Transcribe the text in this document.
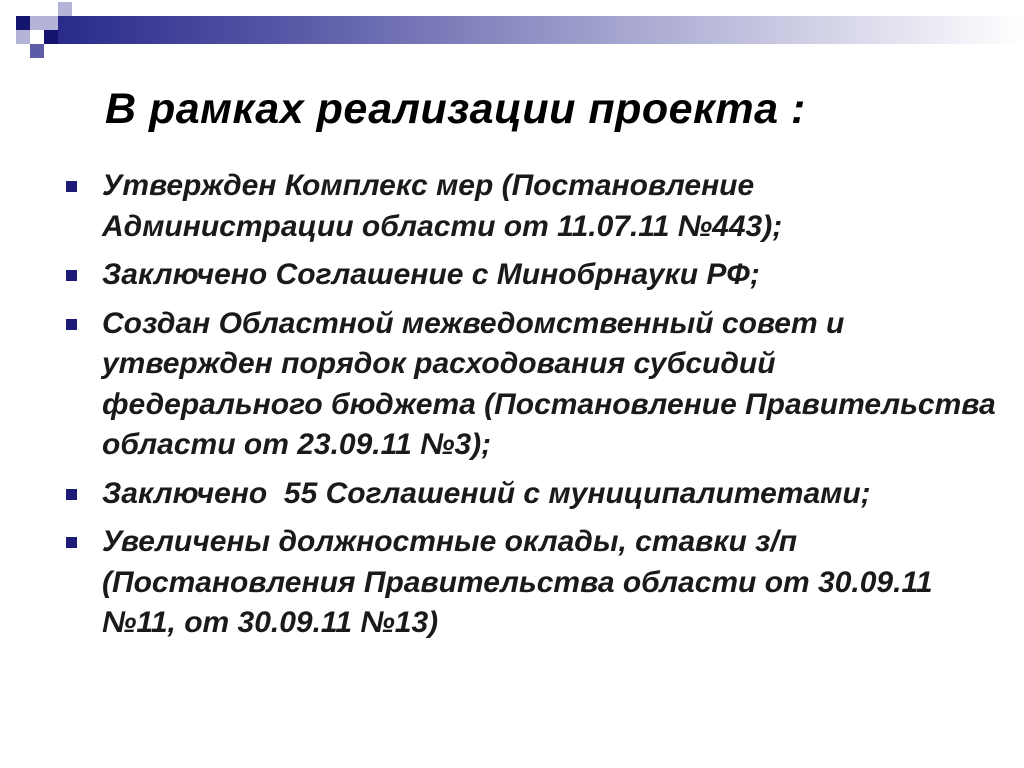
В рамках реализации проекта :
Утвержден Комплекс мер (Постановление Администрации области от 11.07.11 №443);
Заключено Соглашение с Минобрнауки РФ;
Создан Областной межведомственный совет и утвержден порядок расходования субсидий федерального бюджета (Постановление Правительства области от 23.09.11 №3);
Заключено  55 Соглашений с муниципалитетами;
Увеличены должностные оклады, ставки з/п (Постановления Правительства области от 30.09.11 №11, от 30.09.11 №13)
